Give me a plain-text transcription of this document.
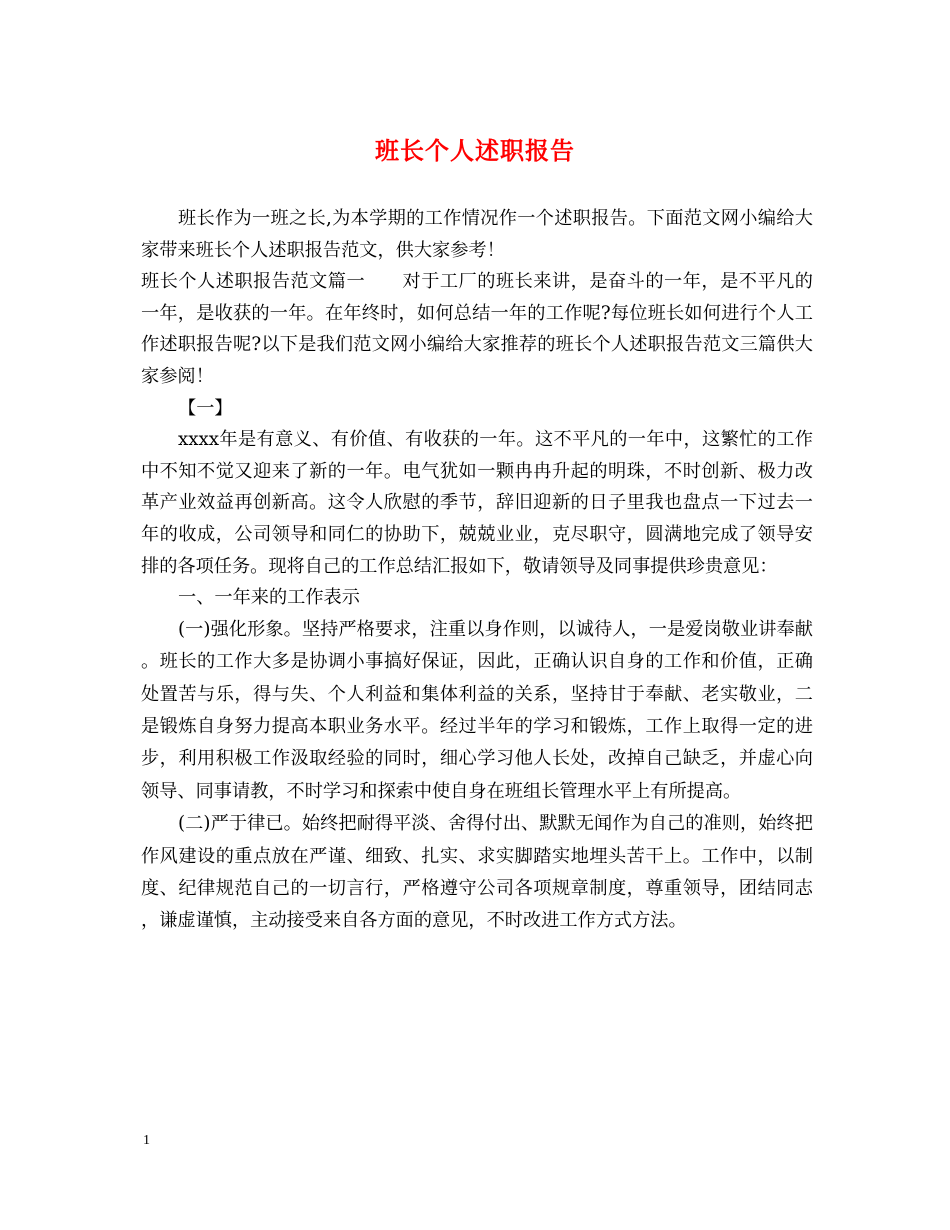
班长个人述职报告

班长作为一班之长,为本学期的工作情况作一个述职报告。下面范文网小编给大家带来班长个人述职报告范文，供大家参考！

班长个人述职报告范文篇一　　对于工厂的班长来讲，是奋斗的一年，是不平凡的一年，是收获的一年。在年终时，如何总结一年的工作呢?每位班长如何进行个人工作述职报告呢?以下是我们范文网小编给大家推荐的班长个人述职报告范文三篇供大家参阅！

【一】

xxxx年是有意义、有价值、有收获的一年。这不平凡的一年中，这繁忙的工作中不知不觉又迎来了新的一年。电气犹如一颗冉冉升起的明珠，不时创新、极力改革产业效益再创新高。这令人欣慰的季节，辞旧迎新的日子里我也盘点一下过去一年的收成，公司领导和同仁的协助下，兢兢业业，克尽职守，圆满地完成了领导安排的各项任务。现将自己的工作总结汇报如下，敬请领导及同事提供珍贵意见：

一、一年来的工作表示

(一)强化形象。坚持严格要求，注重以身作则，以诚待人，一是爱岗敬业讲奉献。班长的工作大多是协调小事搞好保证，因此，正确认识自身的工作和价值，正确处置苦与乐，得与失、个人利益和集体利益的关系，坚持甘于奉献、老实敬业，二是锻炼自身努力提高本职业务水平。经过半年的学习和锻炼，工作上取得一定的进步，利用积极工作汲取经验的同时，细心学习他人长处，改掉自己缺乏，并虚心向领导、同事请教，不时学习和探索中使自身在班组长管理水平上有所提高。

(二)严于律已。始终把耐得平淡、舍得付出、默默无闻作为自己的准则，始终把作风建设的重点放在严谨、细致、扎实、求实脚踏实地埋头苦干上。工作中，以制度、纪律规范自己的一切言行，严格遵守公司各项规章制度，尊重领导，团结同志，谦虚谨慎，主动接受来自各方面的意见，不时改进工作方式方法。

1
